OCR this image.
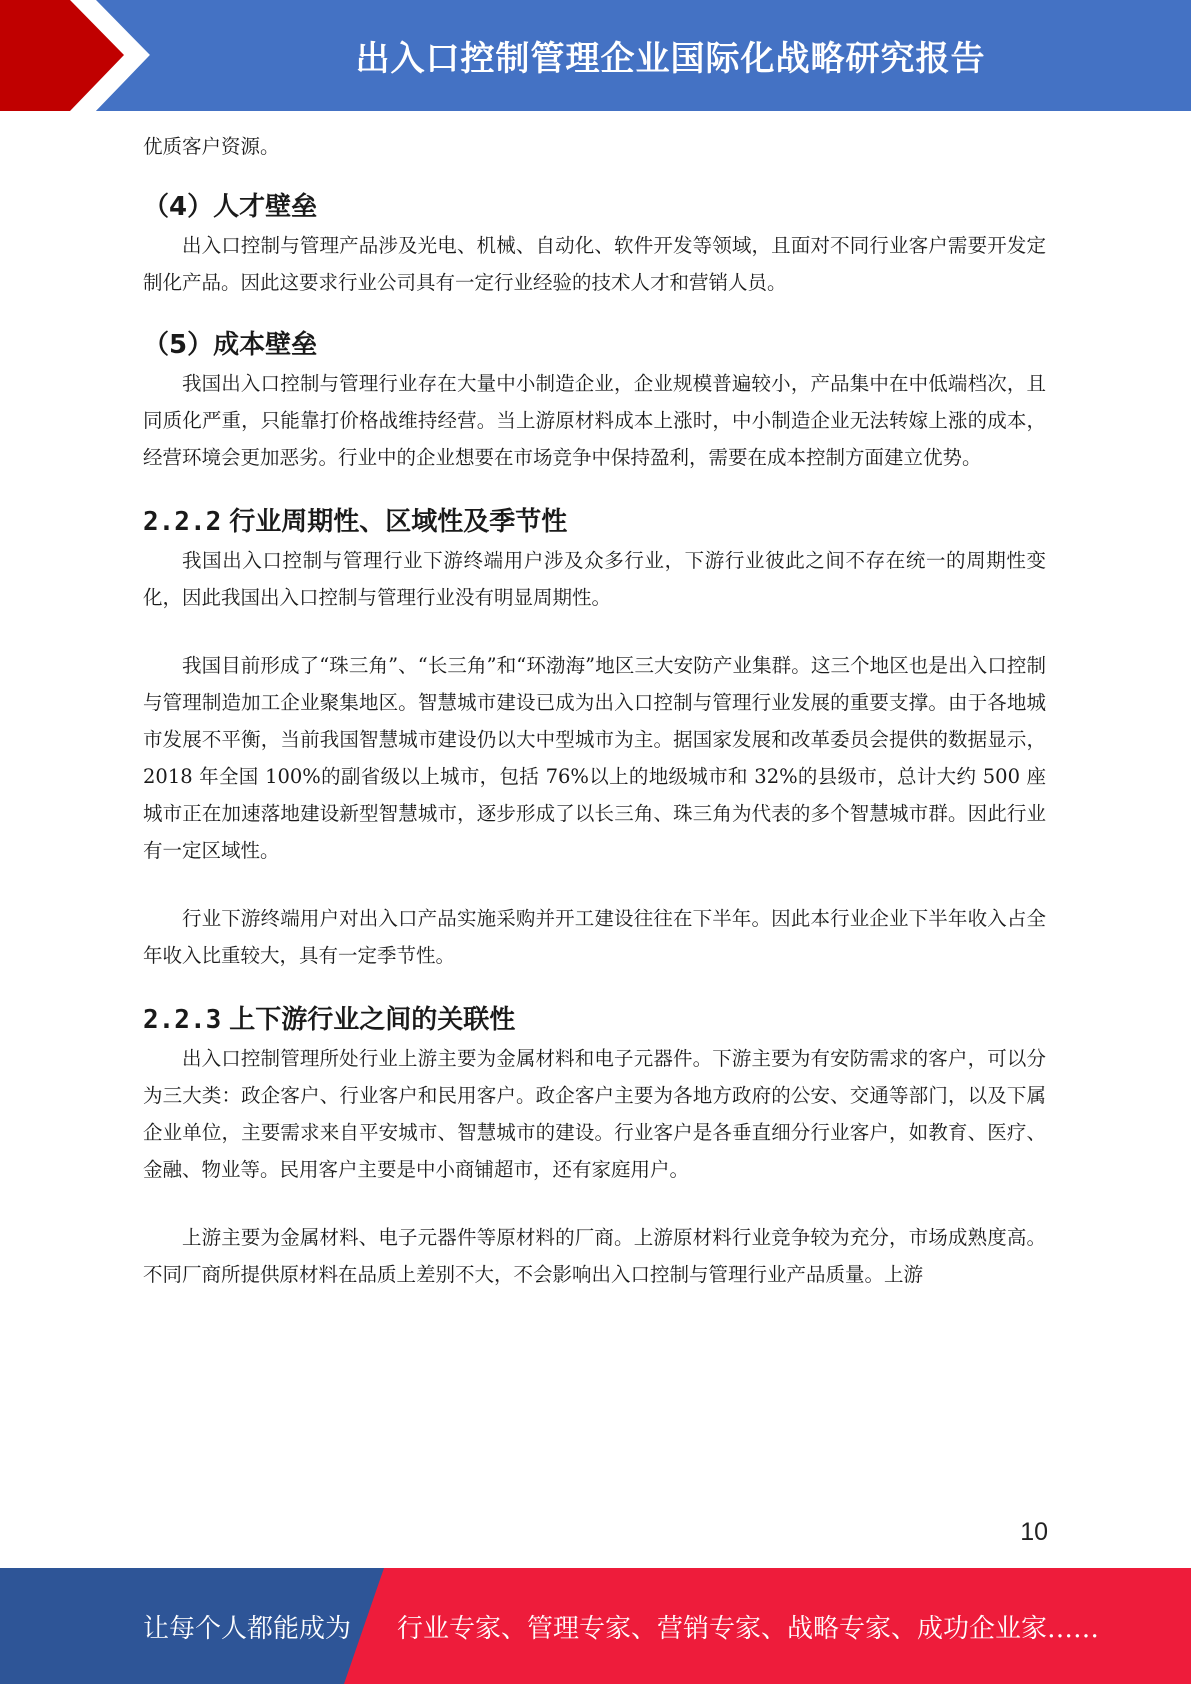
出入口控制管理企业国际化战略研究报告

优质客户资源。

（4）人才壁垒

出入口控制与管理产品涉及光电、机械、自动化、软件开发等领域，且面对不同行业客户需要开发定制化产品。因此这要求行业公司具有一定行业经验的技术人才和营销人员。

（5）成本壁垒

我国出入口控制与管理行业存在大量中小制造企业，企业规模普遍较小，产品集中在中低端档次，且同质化严重，只能靠打价格战维持经营。当上游原材料成本上涨时，中小制造企业无法转嫁上涨的成本，经营环境会更加恶劣。行业中的企业想要在市场竞争中保持盈利，需要在成本控制方面建立优势。

2.2.2 行业周期性、区域性及季节性

我国出入口控制与管理行业下游终端用户涉及众多行业，下游行业彼此之间不存在统一的周期性变化，因此我国出入口控制与管理行业没有明显周期性。

我国目前形成了“珠三角”、“长三角”和“环渤海”地区三大安防产业集群。这三个地区也是出入口控制与管理制造加工企业聚集地区。智慧城市建设已成为出入口控制与管理行业发展的重要支撑。由于各地城市发展不平衡，当前我国智慧城市建设仍以大中型城市为主。据国家发展和改革委员会提供的数据显示，2018 年全国 100%的副省级以上城市，包括 76%以上的地级城市和 32%的县级市，总计大约 500 座城市正在加速落地建设新型智慧城市，逐步形成了以长三角、珠三角为代表的多个智慧城市群。因此行业有一定区域性。

行业下游终端用户对出入口产品实施采购并开工建设往往在下半年。因此本行业企业下半年收入占全年收入比重较大，具有一定季节性。

2.2.3 上下游行业之间的关联性

出入口控制管理所处行业上游主要为金属材料和电子元器件。下游主要为有安防需求的客户，可以分为三大类：政企客户、行业客户和民用客户。政企客户主要为各地方政府的公安、交通等部门，以及下属企业单位，主要需求来自平安城市、智慧城市的建设。行业客户是各垂直细分行业客户，如教育、医疗、金融、物业等。民用客户主要是中小商铺超市，还有家庭用户。

上游主要为金属材料、电子元器件等原材料的厂商。上游原材料行业竞争较为充分，市场成熟度高。不同厂商所提供原材料在品质上差别不大，不会影响出入口控制与管理行业产品质量。上游

10
让每个人都能成为 行业专家、管理专家、营销专家、战略专家、成功企业家……
